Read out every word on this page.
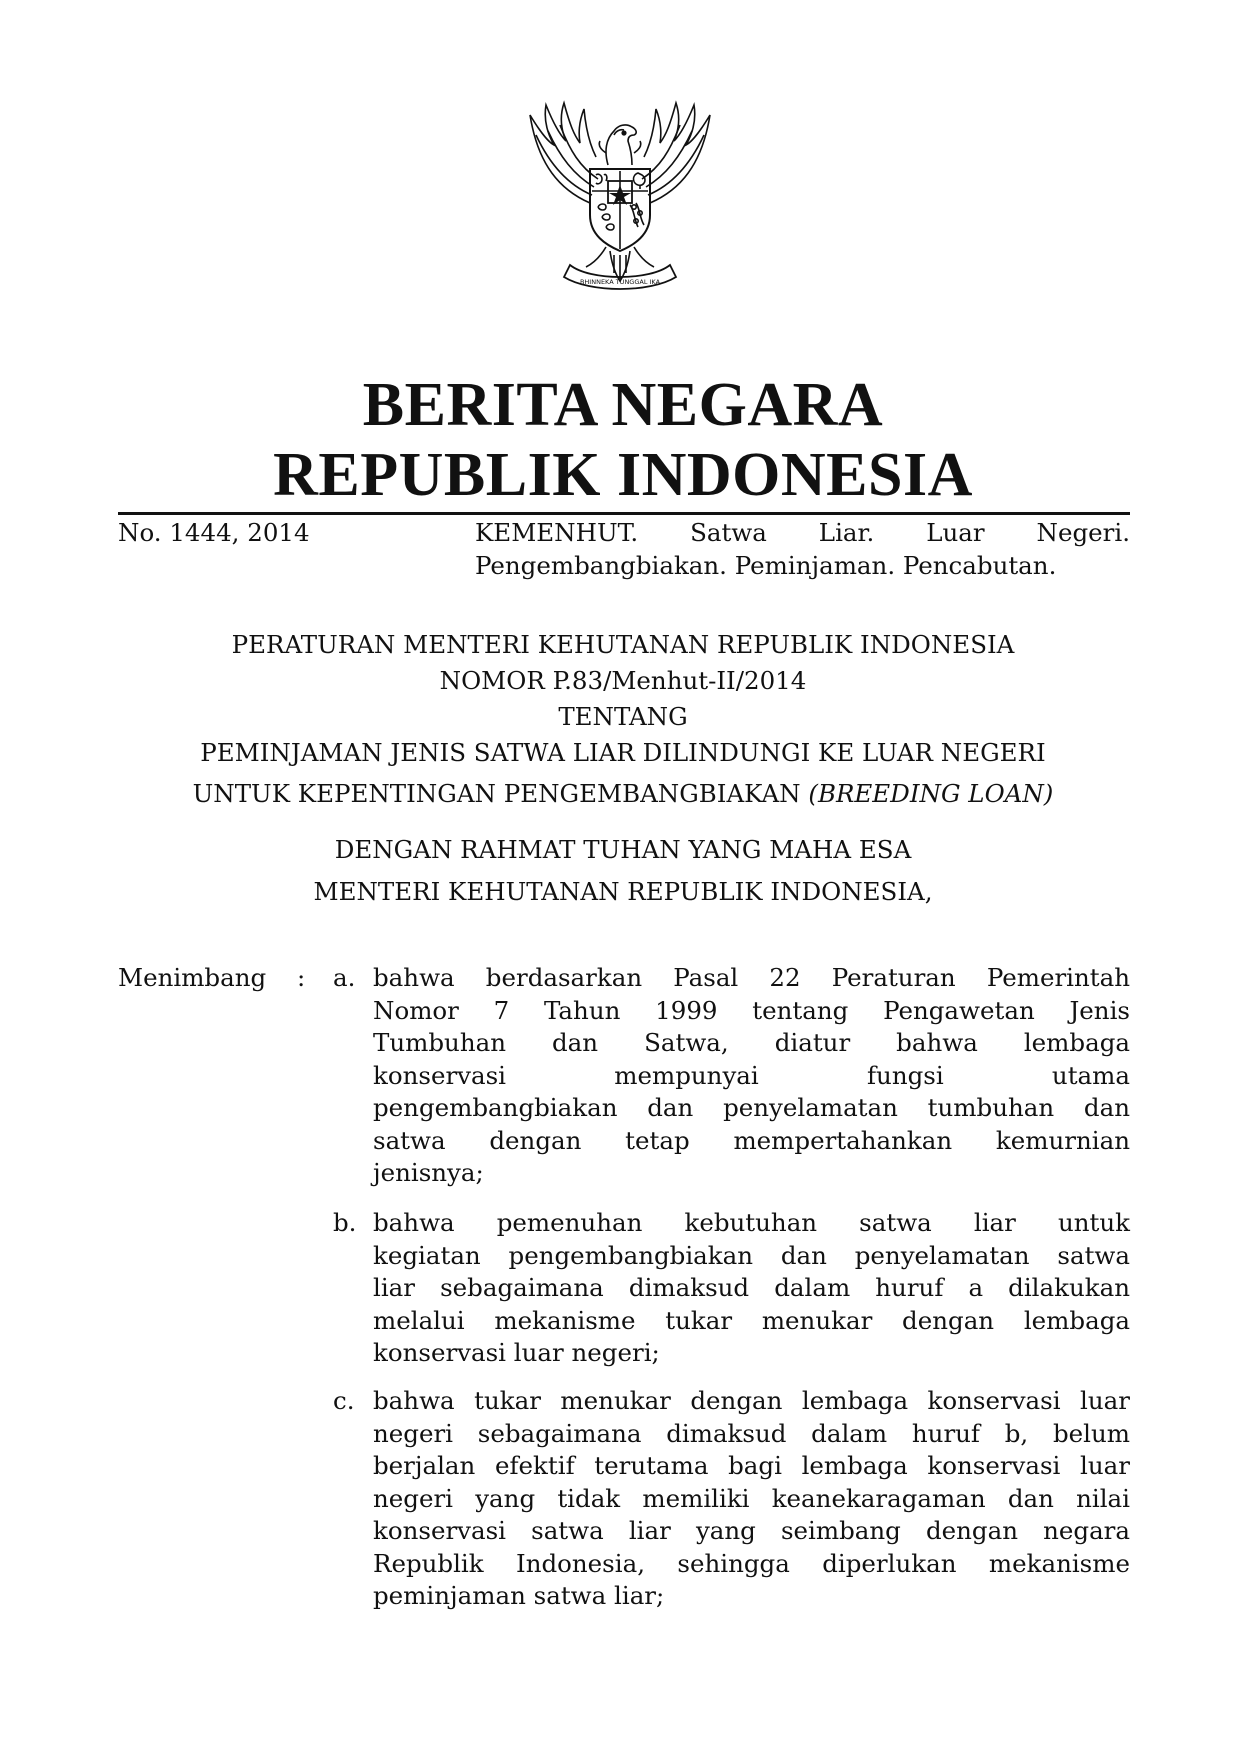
BHINNEKA TUNGGAL IKA
BERITA NEGARA
REPUBLIK INDONESIA
No. 1444, 2014	KEMENHUT. Satwa Liar. Luar Negeri.
Pengembangbiakan. Peminjaman. Pencabutan.
PERATURAN MENTERI KEHUTANAN REPUBLIK INDONESIA
NOMOR P.83/Menhut-II/2014
TENTANG
PEMINJAMAN JENIS SATWA LIAR DILINDUNGI KE LUAR NEGERI
UNTUK KEPENTINGAN PENGEMBANGBIAKAN (BREEDING LOAN)
DENGAN RAHMAT TUHAN YANG MAHA ESA
MENTERI KEHUTANAN REPUBLIK INDONESIA,
Menimbang : a. bahwa berdasarkan Pasal 22 Peraturan Pemerintah
Nomor 7 Tahun 1999 tentang Pengawetan Jenis
Tumbuhan dan Satwa, diatur bahwa lembaga
konservasi mempunyai fungsi utama
pengembangbiakan dan penyelamatan tumbuhan dan
satwa dengan tetap mempertahankan kemurnian
jenisnya;
b. bahwa pemenuhan kebutuhan satwa liar untuk
kegiatan pengembangbiakan dan penyelamatan satwa
liar sebagaimana dimaksud dalam huruf a dilakukan
melalui mekanisme tukar menukar dengan lembaga
konservasi luar negeri;
c. bahwa tukar menukar dengan lembaga konservasi luar
negeri sebagaimana dimaksud dalam huruf b, belum
berjalan efektif terutama bagi lembaga konservasi luar
negeri yang tidak memiliki keanekaragaman dan nilai
konservasi satwa liar yang seimbang dengan negara
Republik Indonesia, sehingga diperlukan mekanisme
peminjaman satwa liar;
